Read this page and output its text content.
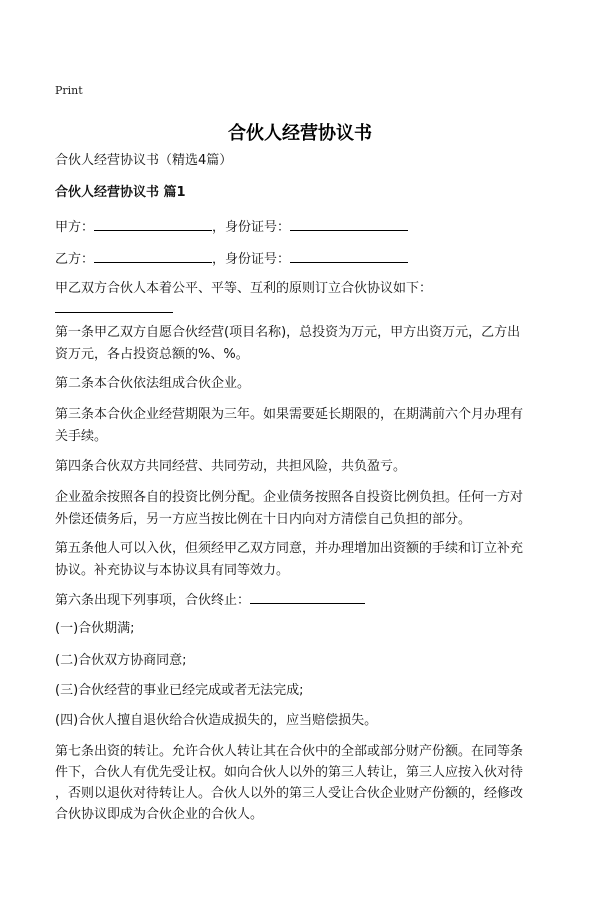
Print
合伙人经营协议书
合伙人经营协议书（精选4篇）
合伙人经营协议书 篇1
甲方：	，身份证号：
乙方：	，身份证号：
甲乙双方合伙人本着公平、平等、互利的原则订立合伙协议如下：
第一条甲乙双方自愿合伙经营(项目名称)，总投资为万元，甲方出资万元，乙方出
资万元，各占投资总额的%、%。
第二条本合伙依法组成合伙企业。
第三条本合伙企业经营期限为三年。如果需要延长期限的，在期满前六个月办理有
关手续。
第四条合伙双方共同经营、共同劳动，共担风险，共负盈亏。
企业盈余按照各自的投资比例分配。企业债务按照各自投资比例负担。任何一方对
外偿还债务后，另一方应当按比例在十日内向对方清偿自己负担的部分。
第五条他人可以入伙，但须经甲乙双方同意，并办理增加出资额的手续和订立补充
协议。补充协议与本协议具有同等效力。
第六条出现下列事项，合伙终止：
(一)合伙期满;
(二)合伙双方协商同意;
(三)合伙经营的事业已经完成或者无法完成;
(四)合伙人擅自退伙给合伙造成损失的，应当赔偿损失。
第七条出资的转让。允许合伙人转让其在合伙中的全部或部分财产份额。在同等条
件下，合伙人有优先受让权。如向合伙人以外的第三人转让，第三人应按入伙对待
，否则以退伙对待转让人。合伙人以外的第三人受让合伙企业财产份额的，经修改
合伙协议即成为合伙企业的合伙人。
